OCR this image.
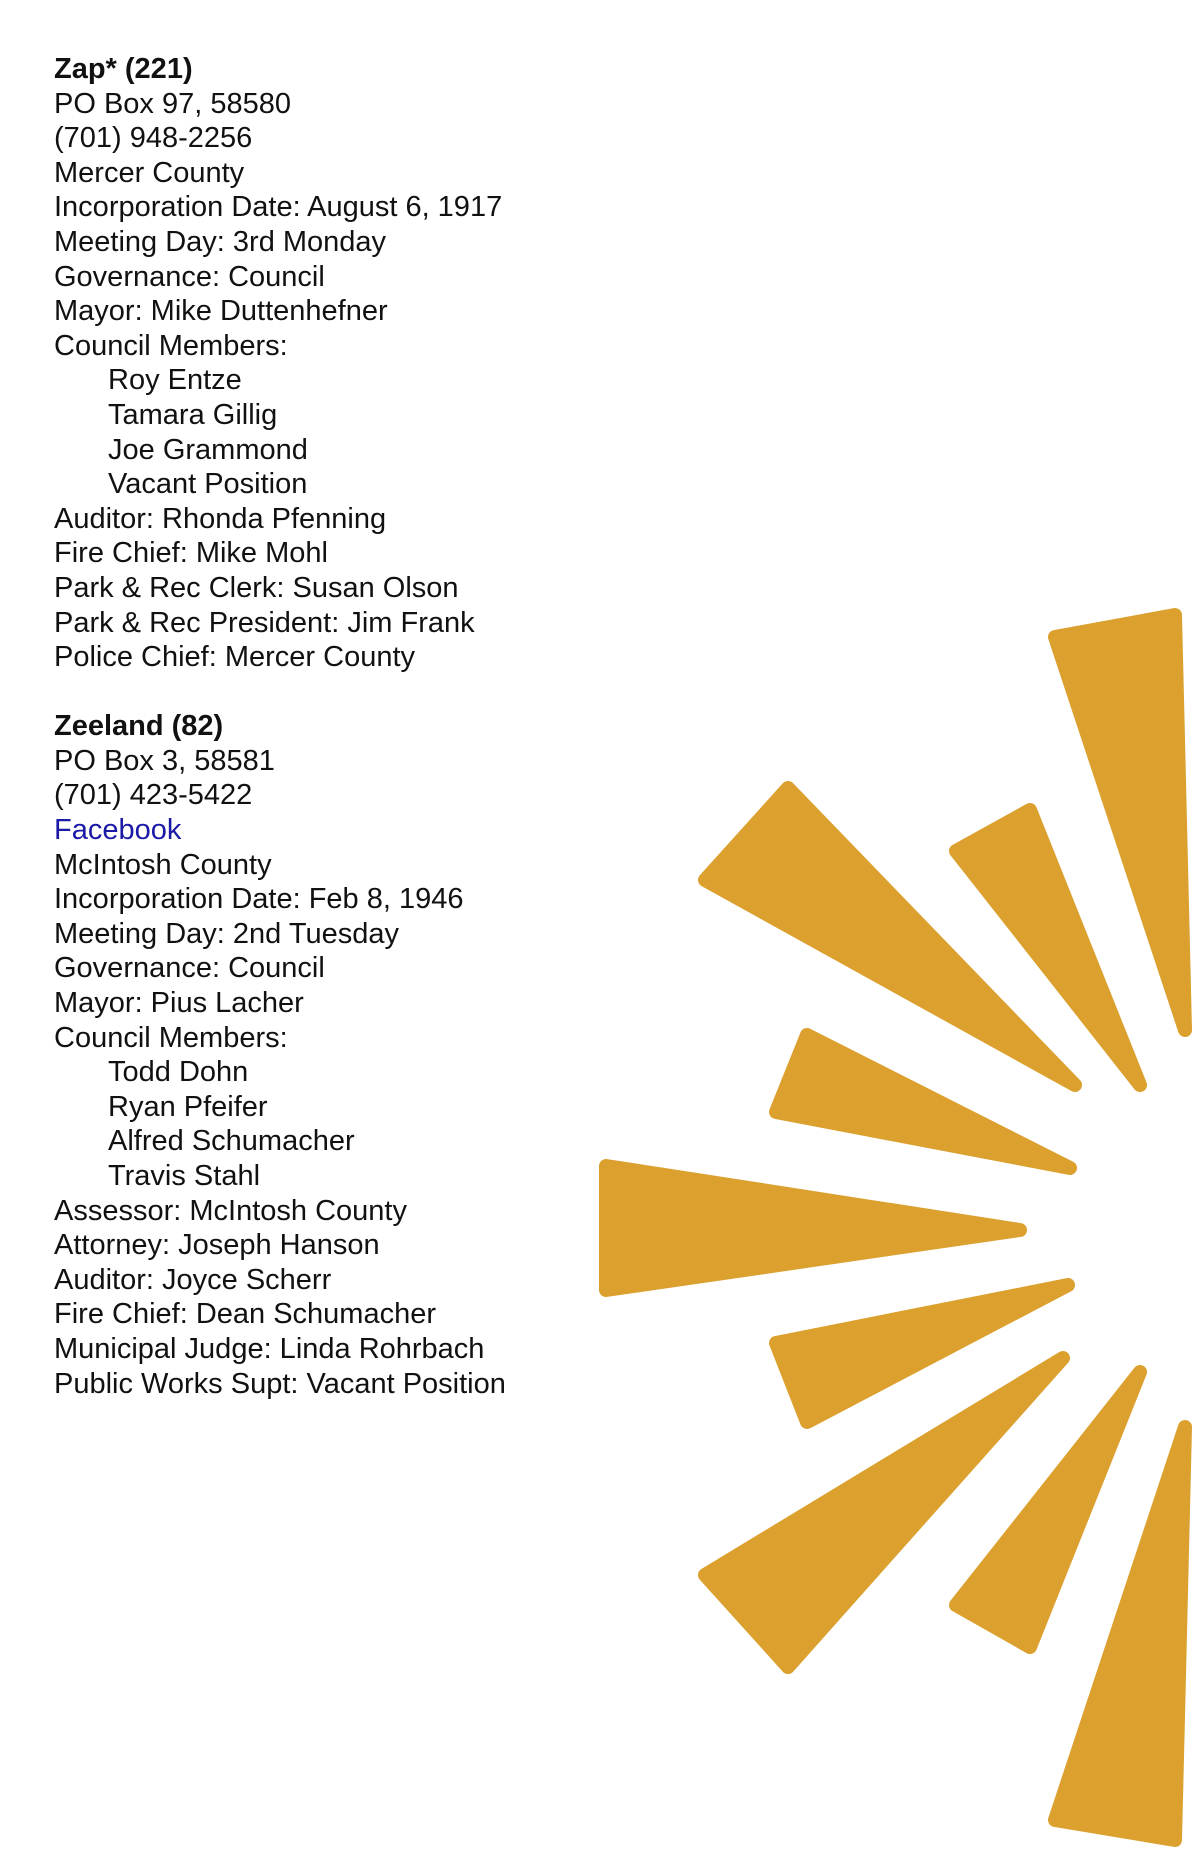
Zap* (221)
PO Box 97, 58580
(701) 948-2256
Mercer County
Incorporation Date: August 6, 1917
Meeting Day: 3rd Monday
Governance: Council
Mayor: Mike Duttenhefner
Council Members:
Roy Entze
Tamara Gillig
Joe Grammond
Vacant Position
Auditor: Rhonda Pfenning
Fire Chief: Mike Mohl
Park & Rec Clerk: Susan Olson
Park & Rec President: Jim Frank
Police Chief: Mercer County
Zeeland (82)
PO Box 3, 58581
(701) 423-5422
Facebook
McIntosh County
Incorporation Date: Feb 8, 1946
Meeting Day: 2nd Tuesday
Governance: Council
Mayor: Pius Lacher
Council Members:
Todd Dohn
Ryan Pfeifer
Alfred Schumacher
Travis Stahl
Assessor: McIntosh County
Attorney: Joseph Hanson
Auditor: Joyce Scherr
Fire Chief: Dean Schumacher
Municipal Judge: Linda Rohrbach
Public Works Supt: Vacant Position
